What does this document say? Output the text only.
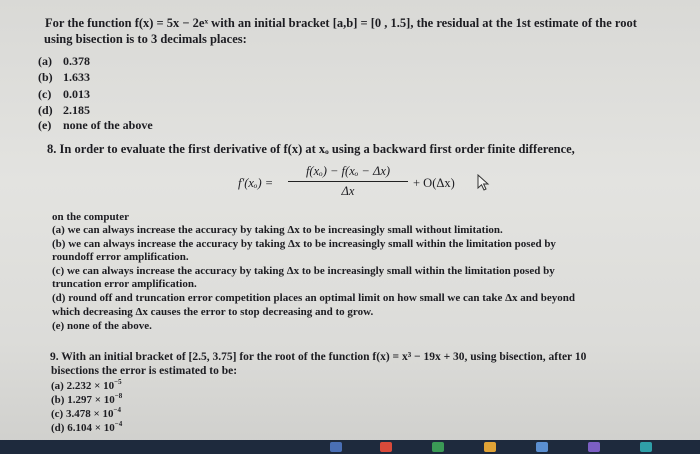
For the function f(x) = 5x − 2eˣ with an initial bracket [a,b] = [0 , 1.5], the residual at the 1st estimate of the root
using bisection is to 3 decimals places:
(a) 0.378
(b) 1.633
(c) 0.013
(d) 2.185
(e) none of the above
8. In order to evaluate the first derivative of f(x) at xₒ using a backward first order finite difference,
f′(xₒ) =
f(xₒ) − f(xₒ − Δx)
Δx
+ O(Δx)
on the computer
(a) we can always increase the accuracy by taking Δx to be increasingly small without limitation.
(b) we can always increase the accuracy by taking Δx to be increasingly small within the limitation posed by
roundoff error amplification.
(c) we can always increase the accuracy by taking Δx to be increasingly small within the limitation posed by
truncation error amplification.
(d) round off and truncation error competition places an optimal limit on how small we can take Δx and beyond
which decreasing Δx causes the error to stop decreasing and to grow.
(e) none of the above.
9. With an initial bracket of [2.5, 3.75] for the root of the function f(x) = x³ − 19x + 30, using bisection, after 10
bisections the error is estimated to be:
(a) $2.232 \times 10^{-5}$
(b) $1.297 \times 10^{-8}$
(c) $3.478 \times 10^{-4}$
(d) $6.104 \times 10^{-4}$
